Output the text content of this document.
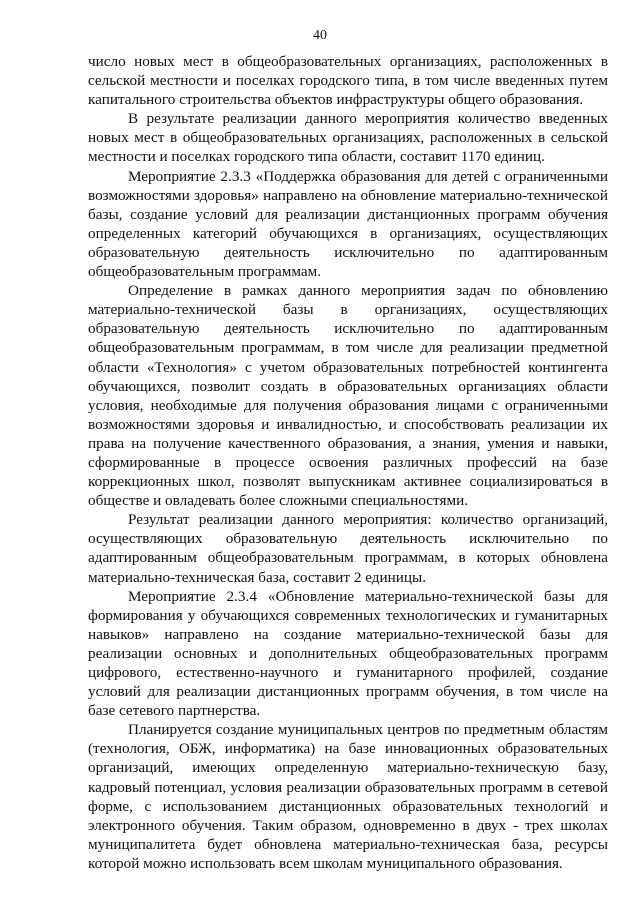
40

число новых мест в общеобразовательных организациях, расположенных в сельской местности и поселках городского типа, в том числе введенных путем капитального строительства объектов инфраструктуры общего образования.

В результате реализации данного мероприятия количество введенных новых мест в общеобразовательных организациях, расположенных в сельской местности и поселках городского типа области, составит 1170 единиц.

Мероприятие 2.3.3 «Поддержка образования для детей с ограниченными возможностями здоровья» направлено на обновление материально-технической базы, создание условий для реализации дистанционных программ обучения определенных категорий обучающихся в организациях, осуществляющих образовательную деятельность исключительно по адаптированным общеобразовательным программам.

Определение в рамках данного мероприятия задач по обновлению материально-технической базы в организациях, осуществляющих образовательную деятельность исключительно по адаптированным общеобразовательным программам, в том числе для реализации предметной области «Технология» с учетом образовательных потребностей контингента обучающихся, позволит создать в образовательных организациях области условия, необходимые для получения образования лицами с ограниченными возможностями здоровья и инвалидностью, и способствовать реализации их права на получение качественного образования, а знания, умения и навыки, сформированные в процессе освоения различных профессий на базе коррекционных школ, позволят выпускникам активнее социализироваться в обществе и овладевать более сложными специальностями.

Результат реализации данного мероприятия: количество организаций, осуществляющих образовательную деятельность исключительно по адаптированным общеобразовательным программам, в которых обновлена материально-техническая база, составит 2 единицы.

Мероприятие 2.3.4 «Обновление материально-технической базы для формирования у обучающихся современных технологических и гуманитарных навыков» направлено на создание материально-технической базы для реализации основных и дополнительных общеобразовательных программ цифрового, естественно-научного и гуманитарного профилей, создание условий для реализации дистанционных программ обучения, в том числе на базе сетевого партнерства.

Планируется создание муниципальных центров по предметным областям (технология, ОБЖ, информатика) на базе инновационных образовательных организаций, имеющих определенную материально-техническую базу, кадровый потенциал, условия реализации образовательных программ в сетевой форме, с использованием дистанционных образовательных технологий и электронного обучения. Таким образом, одновременно в двух - трех школах муниципалитета будет обновлена материально-техническая база, ресурсы которой можно использовать всем школам муниципального образования.
